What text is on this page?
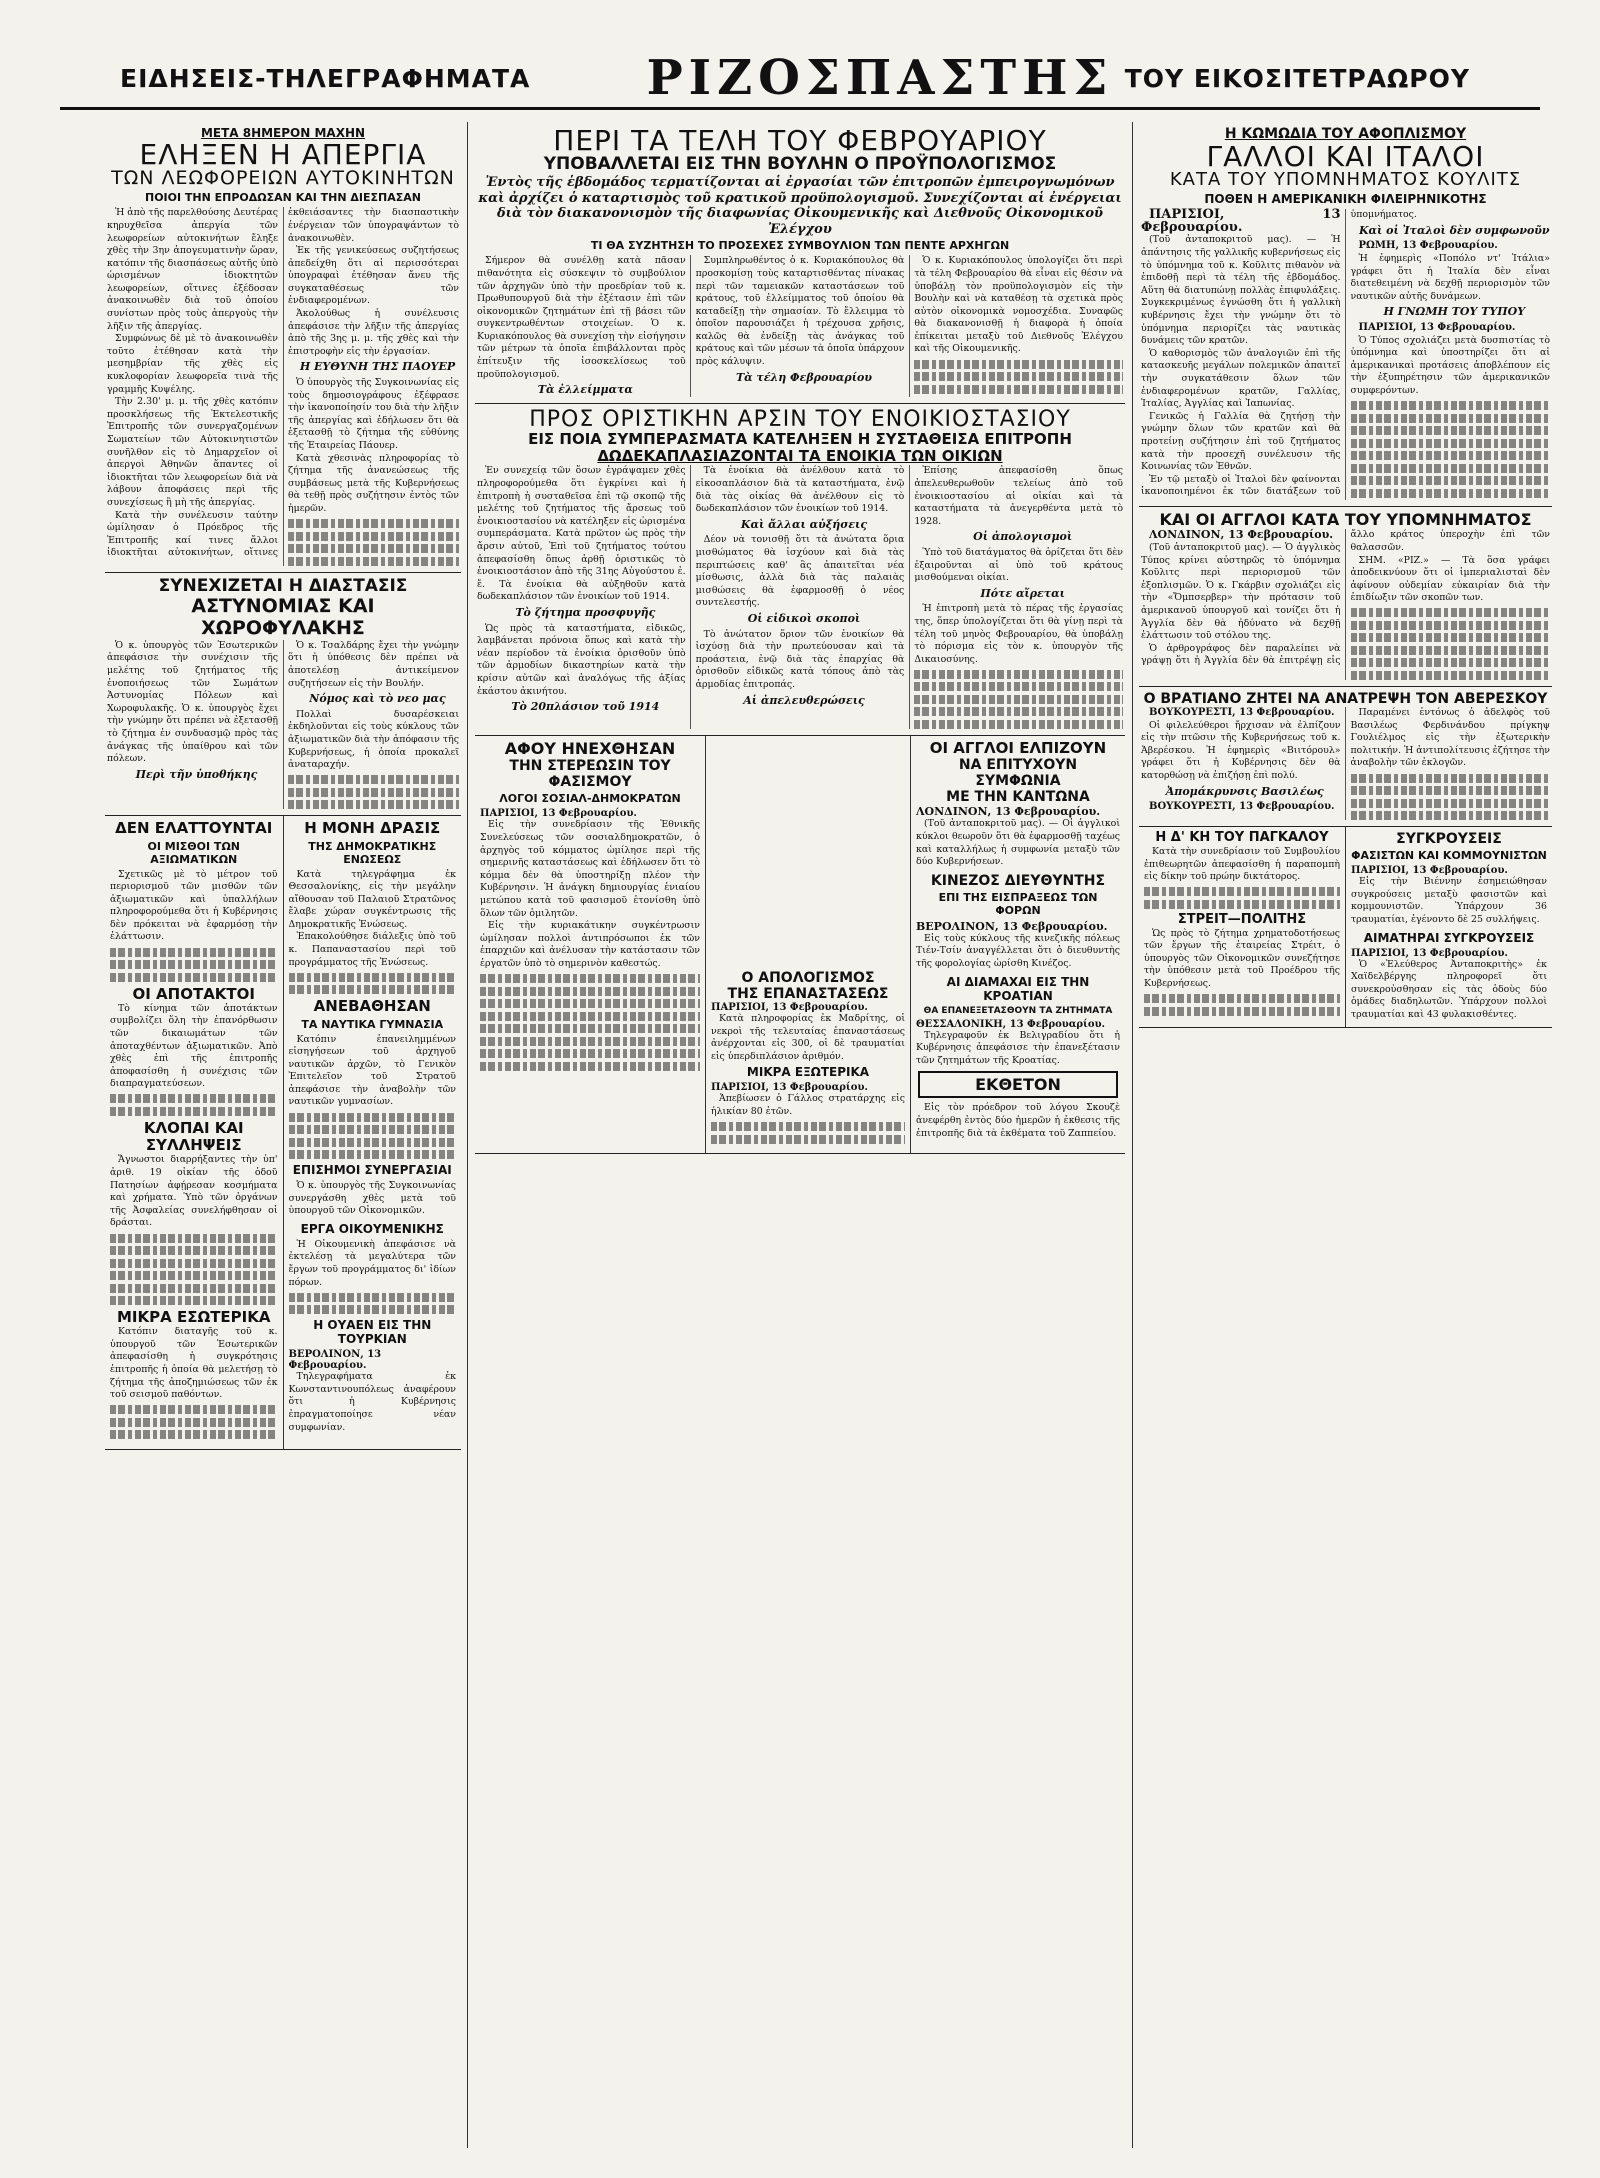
ΕΙΔΗΣΕΙΣ-ΤΗΛΕΓΡΑΦΗΜΑΤΑ	ΡΙΖΟΣΠΑΣΤΗΣ ΤΟΥ ΕΙΚΟΣΙΤΕΤΡΑΩΡΟΥ
ΜΕΤΑ 8ΗΜΕΡΟΝ ΜΑΧΗΝ
ΕΛΗΞΕΝ Η ΑΠΕΡΓΙΑ
ΤΩΝ ΛΕΩΦΟΡΕΙΩΝ ΑΥΤΟΚΙΝΗΤΩΝ
ΠΟΙΟΙ ΤΗΝ ΕΠΡΟΔΩΣΑΝ ΚΑΙ ΤΗΝ ΔΙΕΣΠΑΣΑΝ

Ἡ ἀπὸ τῆς παρελθούσης Δευτέρας κηρυχθεῖσα ἀπεργία τῶν λεωφορείων αὐτοκινήτων ἔληξε χθὲς τὴν 3ην ἀπογευματινὴν ὥραν, κατόπιν τῆς διασπάσεως αὐτῆς ὑπὸ ὡρισμένων ἰδιοκτητῶν λεωφορείων, οἵτινες ἐξέδοσαν ἀνακοινωθὲν διὰ τοῦ ὁποίου συνίστων πρὸς τοὺς ἀπεργοὺς τὴν λῆξιν τῆς ἀπεργίας.

Συμφώνως δὲ μὲ τὸ ἀνακοινωθὲν τοῦτο ἐτέθησαν κατὰ τὴν μεσημβρίαν τῆς χθὲς εἰς κυκλοφορίαν λεωφορεῖα τινὰ τῆς γραμμῆς Κυψέλης.

Τὴν 2.30' μ. μ. τῆς χθὲς κατόπιν προσκλήσεως τῆς Ἐκτελεστικῆς Ἐπιτροπῆς τῶν συνεργαζομένων Σωματείων τῶν Αὐτοκινητιστῶν συνῆλθον εἰς τὸ Δημαρχεῖον οἱ ἀπεργοὶ Ἀθηνῶν ἅπαντες οἱ ἰδιοκτῆται τῶν λεωφορείων διὰ νὰ λάβουν ἀποφάσεις περὶ τῆς συνεχίσεως ἢ μὴ τῆς ἀπεργίας.

Κατὰ τὴν συνέλευσιν ταύτην ὡμίλησαν ὁ Πρόεδρος τῆς Ἐπιτροπῆς καί τινες ἄλλοι ἰδιοκτῆται αὐτοκινήτων, οἵτινες ἐκθειάσαντες τὴν διασπαστικὴν ἐνέργειαν τῶν ὑπογραψάντων τὸ ἀνακοινωθὲν.

Ἐκ τῆς γενικεύσεως συζητήσεως ἀπεδείχθη ὅτι αἱ περισσότεραι ὑπογραφαὶ ἐτέθησαν ἄνευ τῆς συγκαταθέσεως τῶν ἐνδιαφερομένων.

Ἀκολούθως ἡ συνέλευσις ἀπεφάσισε τὴν λῆξιν τῆς ἀπεργίας ἀπὸ τῆς 3ης μ. μ. τῆς χθὲς καὶ τὴν ἐπιστροφὴν εἰς τὴν ἐργασίαν.

Η ΕΥΘΥΝΗ ΤΗΣ ΠΑΟΥΕΡ

Ὁ ὑπουργὸς τῆς Συγκοινωνίας εἰς τοὺς δημοσιογράφους ἐξέφρασε τὴν ἱκανοποίησίν του διὰ τὴν λῆξιν τῆς ἀπεργίας καὶ ἐδήλωσεν ὅτι θὰ ἐξετασθῇ τὸ ζήτημα τῆς εὐθύνης τῆς Ἑταιρείας Πάουερ.

Κατὰ χθεσινὰς πληροφορίας τὸ ζήτημα τῆς ἀνανεώσεως τῆς συμβάσεως μετὰ τῆς Κυβερνήσεως θὰ τεθῇ πρὸς συζήτησιν ἐντὸς τῶν ἡμερῶν.

ΣΥΝΕΧΙΖΕΤΑΙ Η ΔΙΑΣΤΑΣΙΣ
ΑΣΤΥΝΟΜΙΑΣ ΚΑΙ ΧΩΡΟΦΥΛΑΚΗΣ

Ὁ κ. ὑπουργὸς τῶν Ἐσωτερικῶν ἀπεφάσισε τὴν συνέχισιν τῆς μελέτης τοῦ ζητήματος τῆς ἐνοποιήσεως τῶν Σωμάτων Ἀστυνομίας Πόλεων καὶ Χωροφυλακῆς. Ὁ κ. ὑπουργὸς ἔχει τὴν γνώμην ὅτι πρέπει νὰ ἐξετασθῇ τὸ ζήτημα ἐν συνδυασμῷ πρὸς τὰς ἀνάγκας τῆς ὑπαίθρου καὶ τῶν πόλεων.

Περὶ τῆν ὑποθήκης

Ὁ κ. Τσαλδάρης ἔχει τὴν γνώμην ὅτι ἡ ὑπόθεσις δὲν πρέπει νὰ ἀποτελέσῃ ἀντικείμενον συζητήσεων εἰς τὴν Βουλήν.

Νόμος καὶ τὸ νεο μας

Πολλαὶ δυσαρέσκειαι ἐκδηλοῦνται εἰς τοὺς κύκλους τῶν ἀξιωματικῶν διὰ τὴν ἀπόφασιν τῆς Κυβερνήσεως, ἡ ὁποία προκαλεῖ ἀναταραχήν.

ΔΕΝ ΕΛΑΤΤΟΥΝΤΑΙ
ΟΙ ΜΙΣΘΟΙ ΤΩΝ ΑΞΙΩΜΑΤΙΚΩΝ

Σχετικῶς μὲ τὸ μέτρον τοῦ περιορισμοῦ τῶν μισθῶν τῶν ἀξιωματικῶν καὶ ὑπαλλήλων πληροφορούμεθα ὅτι ἡ Κυβέρνησις δὲν πρόκειται νὰ ἐφαρμόσῃ τὴν ἐλάττωσιν.

ΟΙ ΑΠΟΤΑΚΤΟΙ

Τὸ κίνημα τῶν ἀποτάκτων συμβολίζει ὅλη τὴν ἐπανόρθωσιν τῶν δικαιωμάτων τῶν ἀποταχθέντων ἀξιωματικῶν. Ἀπὸ χθὲς ἐπὶ τῆς ἐπιτροπῆς ἀποφασίσθη ἡ συνέχισις τῶν διαπραγματεύσεων.

ΚΛΟΠΑΙ ΚΑΙ ΣΥΛΛΗΨΕΙΣ

Ἄγνωστοι διαρρήξαντες τὴν ὑπ' ἀριθ. 19 οἰκίαν τῆς ὁδοῦ Πατησίων ἀφῄρεσαν κοσμήματα καὶ χρήματα. Ὑπὸ τῶν ὀργάνων τῆς Ἀσφαλείας συνελήφθησαν οἱ δράσται.

ΜΙΚΡΑ ΕΣΩΤΕΡΙΚΑ

Κατόπιν διαταγῆς τοῦ κ. ὑπουργοῦ τῶν Ἐσωτερικῶν ἀπεφασίσθη ἡ συγκρότησις ἐπιτροπῆς ἡ ὁποία θὰ μελετήσῃ τὸ ζήτημα τῆς ἀποζημιώσεως τῶν ἐκ τοῦ σεισμοῦ παθόντων.

Η ΜΟΝΗ ΔΡΑΣΙΣ
ΤΗΣ ΔΗΜΟΚΡΑΤΙΚΗΣ ΕΝΩΣΕΩΣ

Κατὰ τηλεγράφημα ἐκ Θεσσαλονίκης, εἰς τὴν μεγάλην αἴθουσαν τοῦ Παλαιοῦ Στρατῶνος ἔλαβε χώραν συγκέντρωσις τῆς Δημοκρατικῆς Ἑνώσεως.

Ἐπακολούθησε διάλεξις ὑπὸ τοῦ κ. Παπαναστασίου περὶ τοῦ προγράμματος τῆς Ἑνώσεως.

ΑΝΕΒΑΘΗΣΑΝ
ΤΑ ΝΑΥΤΙΚΑ ΓΥΜΝΑΣΙΑ

Κατόπιν ἐπανειλημμένων εἰσηγήσεων τοῦ ἀρχηγοῦ ναυτικῶν ἀρχῶν, τὸ Γενικὸν Ἐπιτελεῖον τοῦ Στρατοῦ ἀπεφάσισε τὴν ἀναβολὴν τῶν ναυτικῶν γυμνασίων.

ΕΠΙΣΗΜΟΙ ΣΥΝΕΡΓΑΣΙΑΙ

Ὁ κ. ὑπουργὸς τῆς Συγκοινωνίας συνεργάσθη χθὲς μετὰ τοῦ ὑπουργοῦ τῶν Οἰκονομικῶν.

ΕΡΓΑ ΟΙΚΟΥΜΕΝΙΚΗΣ

Ἡ Οἰκουμενικὴ ἀπεφάσισε νὰ ἐκτελέσῃ τὰ μεγαλύτερα τῶν ἔργων τοῦ προγράμματος δι' ἰδίων πόρων.

Η ΟΥΑΕΝ ΕΙΣ ΤΗΝ ΤΟΥΡΚΙΑΝ
ΒΕΡΟΛΙΝΟΝ, 13 Φεβρουαρίου.

Τηλεγραφήματα ἐκ Κωνσταντινουπόλεως ἀναφέρουν ὅτι ἡ Κυβέρνησις ἐπραγματοποίησε νέαν συμφωνίαν.

ΠΕΡΙ ΤΑ ΤΕΛΗ ΤΟΥ ΦΕΒΡΟΥΑΡΙΟΥ
ΥΠΟΒΑΛΛΕΤΑΙ ΕΙΣ ΤΗΝ ΒΟΥΛΗΝ Ο ΠΡΟΫΠΟΛΟΓΙΣΜΟΣ
Ἐντὸς τῆς ἑβδομάδος τερματίζονται αἱ ἐργασίαι τῶν ἐπιτροπῶν ἐμπειρογνωμόνων καὶ ἀρχίζει ὁ καταρτισμὸς τοῦ κρατικοῦ προϋπολογισμοῦ. Συνεχίζονται αἱ ἐνέργειαι διὰ τὸν διακανονισμὸν τῆς διαφωνίας Οἰκουμενικῆς καὶ Διεθνοῦς Οἰκονομικοῦ Ἐλέγχου
ΤΙ ΘΑ ΣΥΖΗΤΗΣΗ ΤΟ ΠΡΟΣΕΧΕΣ ΣΥΜΒΟΥΛΙΟΝ ΤΩΝ ΠΕΝΤΕ ΑΡΧΗΓΩΝ

Σήμερον θὰ συνέλθῃ κατὰ πᾶσαν πιθανότητα εἰς σύσκεψιν τὸ συμβούλιον τῶν ἀρχηγῶν ὑπὸ τὴν προεδρίαν τοῦ κ. Πρωθυπουργοῦ διὰ τὴν ἐξέτασιν ἐπὶ τῶν οἰκονομικῶν ζητημάτων ἐπὶ τῇ βάσει τῶν συγκεντρωθέντων στοιχείων. Ὁ κ. Κυριακόπουλος θὰ συνεχίσῃ τὴν εἰσήγησιν τῶν μέτρων τὰ ὁποῖα ἐπιβάλλονται πρὸς ἐπίτευξιν τῆς ἰσοσκελίσεως τοῦ προϋπολογισμοῦ.

Τὰ ἐλλείμματα

Συμπληρωθέντος ὁ κ. Κυριακόπουλος θὰ προσκομίσῃ τοὺς καταρτισθέντας πίνακας περὶ τῶν ταμειακῶν καταστάσεων τοῦ κράτους, τοῦ ἐλλείμματος τοῦ ὁποίου θὰ καταδείξῃ τὴν σημασίαν. Τὸ ἔλλειμμα τὸ ὁποῖον παρουσιάζει ἡ τρέχουσα χρῆσις, καλῶς θὰ ἐνδείξῃ τὰς ἀνάγκας τοῦ κράτους καὶ τῶν μέσων τὰ ὁποῖα ὑπάρχουν πρὸς κάλυψιν.

Τὰ τέλη Φεβρουαρίου

Ὁ κ. Κυριακόπουλος ὑπολογίζει ὅτι περὶ τὰ τέλη Φεβρουαρίου θὰ εἶναι εἰς θέσιν νὰ ὑποβάλῃ τὸν προϋπολογισμὸν εἰς τὴν Βουλὴν καὶ νὰ καταθέσῃ τὰ σχετικὰ πρὸς αὐτὸν οἰκονομικὰ νομοσχέδια. Συναφῶς θὰ διακανονισθῇ ἡ διαφορὰ ἡ ὁποία ἐπίκειται μεταξὺ τοῦ Διεθνοῦς Ἐλέγχου καὶ τῆς Οἰκουμενικῆς.

ΠΡΟΣ ΟΡΙΣΤΙΚΗΝ ΑΡΣΙΝ ΤΟΥ ΕΝΟΙΚΙΟΣΤΑΣΙΟΥ
ΕΙΣ ΠΟΙΑ ΣΥΜΠΕΡΑΣΜΑΤΑ ΚΑΤΕΛΗΞΕΝ Η ΣΥΣΤΑΘΕΙΣΑ ΕΠΙΤΡΟΠΗ
ΔΩΔΕΚΑΠΛΑΣΙΑΖΟΝΤΑΙ ΤΑ ΕΝΟΙΚΙΑ ΤΩΝ ΟΙΚΙΩΝ

Ἐν συνεχείᾳ τῶν ὅσων ἐγράψαμεν χθὲς πληροφορούμεθα ὅτι ἐγκρίνει καὶ ἡ ἐπιτροπὴ ἡ συσταθεῖσα ἐπὶ τῷ σκοπῷ τῆς μελέτης τοῦ ζητήματος τῆς ἄρσεως τοῦ ἐνοικιοστασίου νὰ κατέληξεν εἰς ὡρισμένα συμπεράσματα. Κατὰ πρῶτον ὡς πρὸς τὴν ἄρσιν αὐτοῦ, Ἐπὶ τοῦ ζητήματος τούτου ἀπεφασίσθη ὅπως ἀρθῇ ὁριστικῶς τὸ ἐνοικιοστάσιον ἀπὸ τῆς 31ης Αὐγούστου ἐ. ἔ. Τὰ ἐνοίκια θὰ αὐξηθοῦν κατὰ δωδεκαπλάσιον τῶν ἐνοικίων τοῦ 1914.

Τὸ ζήτημα προσφυγῆς

Ὡς πρὸς τὰ καταστήματα, εἰδικῶς, λαμβάνεται πρόνοια ὅπως καὶ κατὰ τὴν νέαν περίοδον τὰ ἐνοίκια ὁρισθοῦν ὑπὸ τῶν ἀρμοδίων δικαστηρίων κατὰ τὴν κρίσιν αὐτῶν καὶ ἀναλόγως τῆς ἀξίας ἐκάστου ἀκινήτου.

Τὸ 20πλάσιον τοῦ 1914

Τὰ ἐνοίκια θὰ ἀνέλθουν κατὰ τὸ εἰκοσαπλάσιον διὰ τὰ καταστήματα, ἐνῷ διὰ τὰς οἰκίας θὰ ἀνέλθουν εἰς τὸ δωδεκαπλάσιον τῶν ἐνοικίων τοῦ 1914.

Καὶ ἄλλαι αὐξήσεις

Δέον νὰ τονισθῇ ὅτι τὰ ἀνώτατα ὅρια μισθώματος θὰ ἰσχύουν καὶ διὰ τὰς περιπτώσεις καθ' ἃς ἀπαιτεῖται νέα μίσθωσις, ἀλλὰ διὰ τὰς παλαιὰς μισθώσεις θὰ ἐφαρμοσθῇ ὁ νέος συντελεστής.

Οἱ εἰδικοὶ σκοποὶ

Τὸ ἀνώτατον ὅριον τῶν ἐνοικίων θὰ ἰσχύσῃ διὰ τὴν πρωτεύουσαν καὶ τὰ προάστεια, ἐνῷ διὰ τὰς ἐπαρχίας θὰ ὁρισθοῦν εἰδικῶς κατὰ τόπους ἀπὸ τὰς ἁρμοδίας ἐπιτροπάς.

Αἱ ἀπελευθερώσεις

Ἐπίσης ἀπεφασίσθη ὅπως ἀπελευθερωθοῦν τελείως ἀπὸ τοῦ ἐνοικιοστασίου αἱ οἰκίαι καὶ τὰ καταστήματα τὰ ἀνεγερθέντα μετὰ τὸ 1928.

Οἱ ἀπολογισμοὶ

Ὑπὸ τοῦ διατάγματος θὰ ὁρίζεται ὅτι δὲν ἐξαιροῦνται αἱ ὑπὸ τοῦ κράτους μισθούμεναι οἰκίαι.

Πότε αἴρεται

Ἡ ἐπιτροπὴ μετὰ τὸ πέρας τῆς ἐργασίας της, ὅπερ ὑπολογίζεται ὅτι θὰ γίνῃ περὶ τὰ τέλη τοῦ μηνὸς Φεβρουαρίου, θὰ ὑποβάλῃ τὸ πόρισμα εἰς τὸν κ. ὑπουργὸν τῆς Δικαιοσύνης.

ΑΦΟΥ ΗΝΕΧΘΗΣΑΝ
ΤΗΝ ΣΤΕΡΕΩΣΙΝ ΤΟΥ ΦΑΣΙΣΜΟΥ
ΛΟΓΟΙ ΣΟΣΙΑΛ-ΔΗΜΟΚΡΑΤΩΝ
ΠΑΡΙΣΙΟΙ, 13 Φεβρουαρίου.

Εἰς τὴν συνεδρίασιν τῆς Ἐθνικῆς Συνελεύσεως τῶν σοσιαλδημοκρατῶν, ὁ ἀρχηγὸς τοῦ κόμματος ὡμίλησε περὶ τῆς σημερινῆς καταστάσεως καὶ ἐδήλωσεν ὅτι τὸ κόμμα δὲν θὰ ὑποστηρίξῃ πλέον τὴν Κυβέρνησιν. Ἡ ἀνάγκη δημιουργίας ἑνιαίου μετώπου κατὰ τοῦ φασισμοῦ ἐτονίσθη ὑπὸ ὅλων τῶν ὁμιλητῶν.

Εἰς τὴν κυριακάτικην συγκέντρωσιν ὡμίλησαν πολλοὶ ἀντιπρόσωποι ἐκ τῶν ἐπαρχιῶν καὶ ἀνέλυσαν τὴν κατάστασιν τῶν ἐργατῶν ὑπὸ τὸ σημερινὸν καθεστώς.

Ο ΑΠΟΛΟΓΙΣΜΟΣ
ΤΗΣ ΕΠΑΝΑΣΤΑΣΕΩΣ
ΠΑΡΙΣΙΟΙ, 13 Φεβρουαρίου.

Κατὰ πληροφορίας ἐκ Μαδρίτης, οἱ νεκροὶ τῆς τελευταίας ἐπαναστάσεως ἀνέρχονται εἰς 300, οἱ δὲ τραυματίαι εἰς ὑπερδιπλάσιον ἀριθμόν.

ΜΙΚΡΑ ΕΞΩΤΕΡΙΚΑ
ΠΑΡΙΣΙΟΙ, 13 Φεβρουαρίου.

Ἀπεβίωσεν ὁ Γάλλος στρατάρχης εἰς ἡλικίαν 80 ἐτῶν.

ΟΙ ΑΓΓΛΟΙ ΕΛΠΙΖΟΥΝ
ΝΑ ΕΠΙΤΥΧΟΥΝ ΣΥΜΦΩΝΙΑ
ΜΕ ΤΗΝ ΚΑΝΤΩΝΑ
ΛΟΝΔΙΝΟΝ, 13 Φεβρουαρίου.

(Τοῦ ἀνταποκριτοῦ μας). — Οἱ ἀγγλικοὶ κύκλοι θεωροῦν ὅτι θὰ ἐφαρμοσθῇ ταχέως καὶ καταλλήλως ἡ συμφωνία μεταξὺ τῶν δύο Κυβερνήσεων.

ΚΙΝΕΖΟΣ ΔΙΕΥΘΥΝΤΗΣ
ΕΠΙ ΤΗΣ ΕΙΣΠΡΑΞΕΩΣ ΤΩΝ ΦΟΡΩΝ
ΒΕΡΟΛΙΝΟΝ, 13 Φεβρουαρίου.

Εἰς τοὺς κύκλους τῆς κινεζικῆς πόλεως Τιέν-Τσίν ἀναγγέλλεται ὅτι ὁ διευθυντὴς τῆς φορολογίας ὡρίσθη Κινέζος.

ΑΙ ΔΙΑΜΑΧΑΙ ΕΙΣ ΤΗΝ ΚΡΟΑΤΙΑΝ
ΘΑ ΕΠΑΝΕΞΕΤΑΣΘΟΥΝ ΤΑ ΖΗΤΗΜΑΤΑ
ΘΕΣΣΑΛΟΝΙΚΗ, 13 Φεβρουαρίου.

Τηλεγραφοῦν ἐκ Βελιγραδίου ὅτι ἡ Κυβέρνησις ἀπεφάσισε τὴν ἐπανεξέτασιν τῶν ζητημάτων τῆς Κροατίας.

ΕΚΘΕΤΟΝ

Εἰς τὸν πρόεδρον τοῦ λόγου Σκουζὲ ἀνεφέρθη ἐντὸς δύο ἡμερῶν ἡ ἐκθεσις τῆς ἐπιτροπῆς διὰ τὰ ἐκθέματα τοῦ Ζαππείου.

Η ΚΩΜΩΔΙΑ ΤΟΥ ΑΦΟΠΛΙΣΜΟΥ
ΓΑΛΛΟΙ ΚΑΙ ΙΤΑΛΟΙ
ΚΑΤΑ ΤΟΥ ΥΠΟΜΝΗΜΑΤΟΣ ΚΟΥΛΙΤΣ
ΠΟΘΕΝ Η ΑΜΕΡΙΚΑΝΙΚΗ ΦΙΛΕΙΡΗΝΙΚΟΤΗΣ
ΠΑΡΙΣΙΟΙ, 13 Φεβρουαρίου.

(Τοῦ ἀνταποκριτοῦ μας). — Ἡ ἀπάντησις τῆς γαλλικῆς κυβερνήσεως εἰς τὸ ὑπόμνημα τοῦ κ. Κοῦλιτς πιθανὸν νὰ ἐπιδοθῇ περὶ τὰ τέλη τῆς ἑβδομάδος. Αὕτη θὰ διατυπώνῃ πολλὰς ἐπιφυλάξεις. Συγκεκριμένως ἐγνώσθη ὅτι ἡ γαλλικὴ κυβέρνησις ἔχει τὴν γνώμην ὅτι τὸ ὑπόμνημα περιορίζει τὰς ναυτικὰς δυνάμεις τῶν κρατῶν.

Ὁ καθορισμὸς τῶν ἀναλογιῶν ἐπὶ τῆς κατασκευῆς μεγάλων πολεμικῶν ἀπαιτεῖ τὴν συγκατάθεσιν ὅλων τῶν ἐνδιαφερομένων κρατῶν, Γαλλίας, Ἰταλίας, Ἀγγλίας καὶ Ἰαπωνίας.

Γενικῶς ἡ Γαλλία θὰ ζητήσῃ τὴν γνώμην ὅλων τῶν κρατῶν καὶ θὰ προτείνῃ συζήτησιν ἐπὶ τοῦ ζητήματος κατὰ τὴν προσεχῆ συνέλευσιν τῆς Κοινωνίας τῶν Ἐθνῶν.

Ἐν τῷ μεταξὺ οἱ Ἰταλοὶ δὲν φαίνονται ἱκανοποιημένοι ἐκ τῶν διατάξεων τοῦ ὑπομνήματος.

Καὶ οἱ Ἰταλοὶ δὲν συμφωνοῦν
ΡΩΜΗ, 13 Φεβρουαρίου.

Ἡ ἐφημερὶς «Ποπόλο ντ' Ἰτάλια» γράφει ὅτι ἡ Ἰταλία δὲν εἶναι διατεθειμένη νὰ δεχθῇ περιορισμὸν τῶν ναυτικῶν αὐτῆς δυνάμεων.

Η ΓΝΩΜΗ ΤΟΥ ΤΥΠΟΥ
ΠΑΡΙΣΙΟΙ, 13 Φεβρουαρίου.

Ὁ Τύπος σχολιάζει μετὰ δυσπιστίας τὸ ὑπόμνημα καὶ ὑποστηρίζει ὅτι αἱ ἀμερικανικαὶ προτάσεις ἀποβλέπουν εἰς τὴν ἐξυπηρέτησιν τῶν ἀμερικανικῶν συμφερόντων.

ΚΑΙ ΟΙ ΑΓΓΛΟΙ ΚΑΤΑ ΤΟΥ ΥΠΟΜΝΗΜΑΤΟΣ
ΛΟΝΔΙΝΟΝ, 13 Φεβρουαρίου.

(Τοῦ ἀνταποκριτοῦ μας). — Ὁ ἀγγλικὸς Τύπος κρίνει αὐστηρῶς τὸ ὑπόμνημα Κοῦλιτς περὶ περιορισμοῦ τῶν ἐξοπλισμῶν. Ὁ κ. Γκάρβιν σχολιάζει εἰς τὴν «Ὄμπσερβερ» τὴν πρότασιν τοῦ ἀμερικανοῦ ὑπουργοῦ καὶ τονίζει ὅτι ἡ Ἀγγλία δὲν θὰ ἠδύνατο νὰ δεχθῇ ἐλάττωσιν τοῦ στόλου της.

Ὁ ἀρθρογράφος δὲν παραλείπει νὰ γράψῃ ὅτι ἡ Ἀγγλία δὲν θὰ ἐπιτρέψῃ εἰς ἄλλο κράτος ὑπεροχὴν ἐπὶ τῶν θαλασσῶν.

ΣΗΜ. «ΡΙΖ.» — Τὰ ὅσα γράφει ἀποδεικνύουν ὅτι οἱ ἱμπεριαλισταὶ δὲν ἀφίνουν οὐδεμίαν εὐκαιρίαν διὰ τὴν ἐπιδίωξιν τῶν σκοπῶν των.

Ο ΒΡΑΤΙΑΝΟ ΖΗΤΕΙ ΝΑ ΑΝΑΤΡΕΨΗ ΤΟΝ ΑΒΕΡΕΣΚΟΥ
ΒΟΥΚΟΥΡΕΣΤΙ, 13 Φεβρουαρίου.

Οἱ φιλελεύθεροι ἤρχισαν νὰ ἐλπίζουν εἰς τὴν πτῶσιν τῆς Κυβερνήσεως τοῦ κ. Ἀβερέσκου. Ἡ ἐφημερὶς «Βιιτόρουλ» γράφει ὅτι ἡ Κυβέρνησις δὲν θὰ κατορθώσῃ νὰ ἐπιζήσῃ ἐπὶ πολύ.

Ἀπομάκρυνσις Βασιλέως
ΒΟΥΚΟΥΡΕΣΤΙ, 13 Φεβρουαρίου.

Παραμένει ἐντόνως ὁ ἀδελφὸς τοῦ Βασιλέως Φερδινάνδου πρίγκηψ Γουλιέλμος εἰς τὴν ἐξωτερικὴν πολιτικήν. Ἡ ἀντιπολίτευσις ἐζήτησε τὴν ἀναβολὴν τῶν ἐκλογῶν.

Η Δ' ΚΗ ΤΟΥ ΠΑΓΚΑΛΟΥ

Κατὰ τὴν συνεδρίασιν τοῦ Συμβουλίου ἐπιθεωρητῶν ἀπεφασίσθη ἡ παραπομπὴ εἰς δίκην τοῦ πρώην δικτάτορος.

ΣΤΡΕΙΤ—ΠΟΛΙΤΗΣ

Ὡς πρὸς τὸ ζήτημα χρηματοδοτήσεως τῶν ἔργων τῆς ἐταιρείας Στρέιτ, ὁ ὑπουργὸς τῶν Οἰκονομικῶν συνεζήτησε τὴν ὑπόθεσιν μετὰ τοῦ Προέδρου τῆς Κυβερνήσεως.

ΣΥΓΚΡΟΥΣΕΙΣ
ΦΑΣΙΣΤΩΝ ΚΑΙ ΚΟΜΜΟΥΝΙΣΤΩΝ
ΠΑΡΙΣΙΟΙ, 13 Φεβρουαρίου.

Εἰς τὴν Βιέννην ἐσημειώθησαν συγκρούσεις μεταξὺ φασιστῶν καὶ κομμουνιστῶν. Ὑπάρχουν 36 τραυματίαι, ἐγένοντο δὲ 25 συλλήψεις.

ΑΙΜΑΤΗΡΑΙ ΣΥΓΚΡΟΥΣΕΙΣ
ΠΑΡΙΣΙΟΙ, 13 Φεβρουαρίου.

Ὁ «Ἐλεύθερος Ἀνταποκριτὴς» ἐκ Χαϊδελβέργης πληροφορεῖ ὅτι συνεκροὐσθησαν εἰς τὰς ὁδοὺς δύο ὁμάδες διαδηλωτῶν. Ὑπάρχουν πολλοὶ τραυματίαι καὶ 43 φυλακισθέντες.
